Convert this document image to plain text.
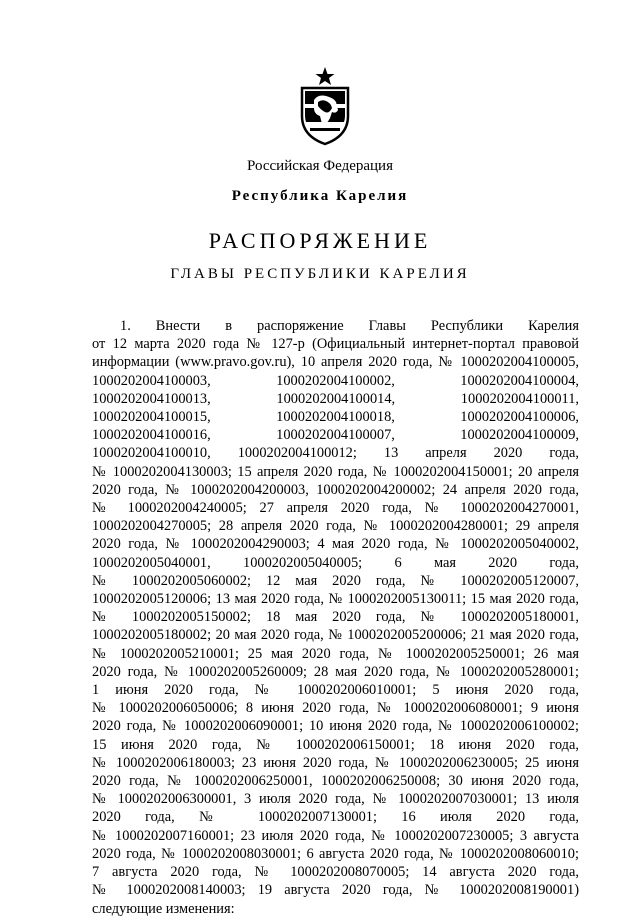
Российская Федерация
Республика Карелия
РАСПОРЯЖЕНИЕ
ГЛАВЫ РЕСПУБЛИКИ КАРЕЛИЯ
1. Внести в распоряжение Главы Республики Карелия
от 12 марта 2020 года № 127-р (Официальный интернет-портал правовой
информации (www.pravo.gov.ru), 10 апреля 2020 года, № 1000202004100005,
1000202004100003, 1000202004100002, 1000202004100004,
1000202004100013, 1000202004100014, 1000202004100011,
1000202004100015, 1000202004100018, 1000202004100006,
1000202004100016, 1000202004100007, 1000202004100009,
1000202004100010, 1000202004100012; 13 апреля 2020 года,
№ 1000202004130003; 15 апреля 2020 года, № 1000202004150001; 20 апреля
2020 года, № 1000202004200003, 1000202004200002; 24 апреля 2020 года,
№ 1000202004240005; 27 апреля 2020 года, № 1000202004270001,
1000202004270005; 28 апреля 2020 года, № 1000202004280001; 29 апреля
2020 года, № 1000202004290003; 4 мая 2020 года, № 1000202005040002,
1000202005040001, 1000202005040005; 6 мая 2020 года,
№ 1000202005060002; 12 мая 2020 года, № 1000202005120007,
1000202005120006; 13 мая 2020 года, № 1000202005130011; 15 мая 2020 года,
№ 1000202005150002; 18 мая 2020 года, № 1000202005180001,
1000202005180002; 20 мая 2020 года, № 1000202005200006; 21 мая 2020 года,
№ 1000202005210001; 25 мая 2020 года, № 1000202005250001; 26 мая
2020 года, № 1000202005260009; 28 мая 2020 года, № 1000202005280001;
1 июня 2020 года, № 1000202006010001; 5 июня 2020 года,
№ 1000202006050006; 8 июня 2020 года, № 1000202006080001; 9 июня
2020 года, № 1000202006090001; 10 июня 2020 года, № 1000202006100002;
15 июня 2020 года, № 1000202006150001; 18 июня 2020 года,
№ 1000202006180003; 23 июня 2020 года, № 1000202006230005; 25 июня
2020 года, № 1000202006250001, 1000202006250008; 30 июня 2020 года,
№ 1000202006300001, 3 июля 2020 года, № 1000202007030001; 13 июля
2020 года, № 1000202007130001; 16 июля 2020 года,
№ 1000202007160001; 23 июля 2020 года, № 1000202007230005; 3 августа
2020 года, № 1000202008030001; 6 августа 2020 года, № 1000202008060010;
7 августа 2020 года, № 1000202008070005; 14 августа 2020 года,
№ 1000202008140003; 19 августа 2020 года, № 1000202008190001)
следующие изменения:
